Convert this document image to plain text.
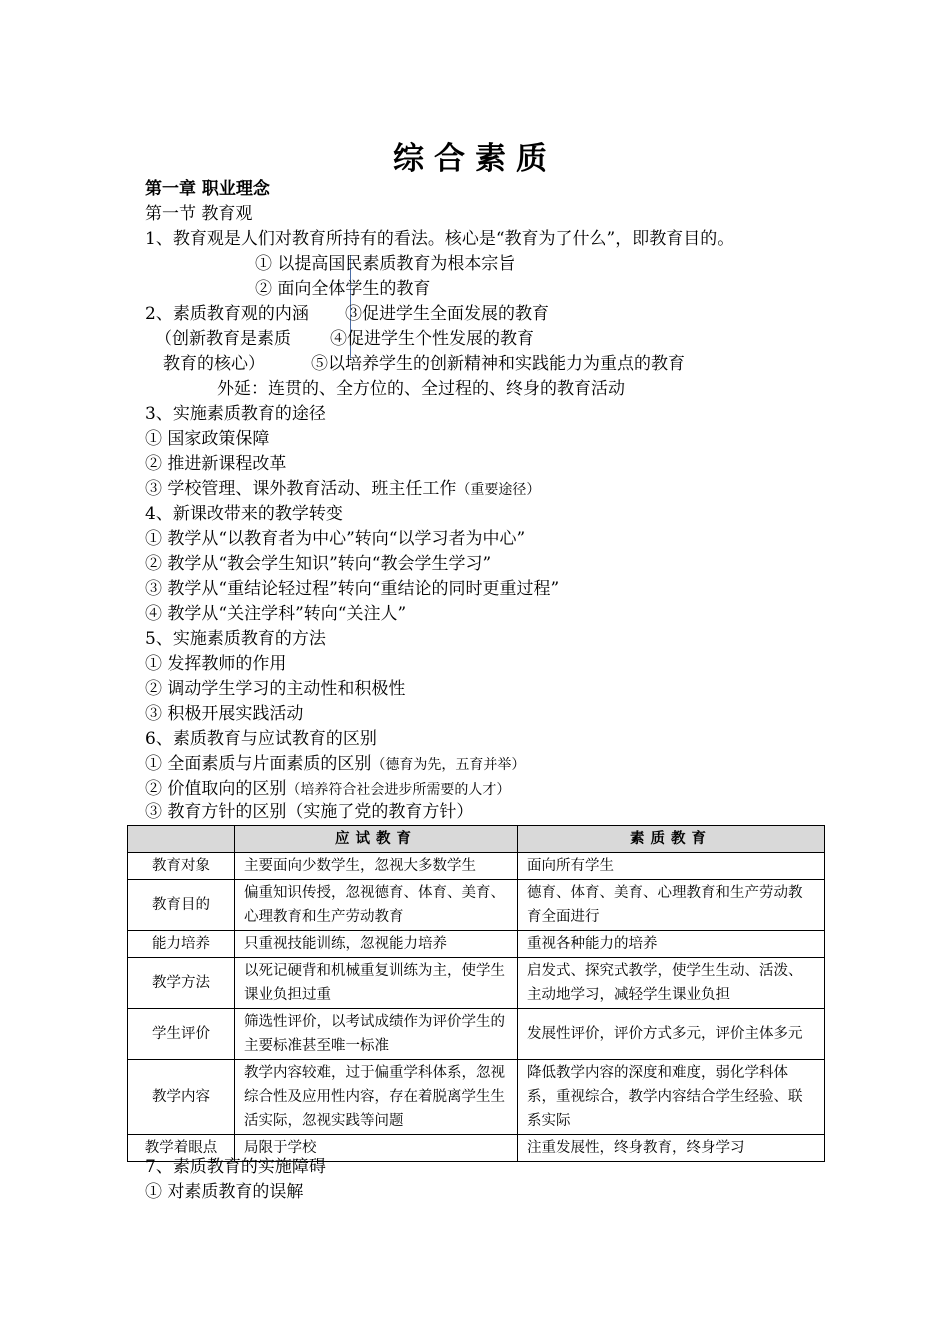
综合素质
第一章 职业理念
第一节 教育观
1、教育观是人们对教育所持有的看法。核心是“教育为了什么”，即教育目的。
① 以提高国民素质教育为根本宗旨
② 面向全体学生的教育
2、素质教育观的内涵 ③促进学生全面发展的教育
（创新教育是素质 ④促进学生个性发展的教育
教育的核心）	⑤以培养学生的创新精神和实践能力为重点的教育
外延：连贯的、全方位的、全过程的、终身的教育活动
3、实施素质教育的途径
① 国家政策保障
② 推进新课程改革
③ 学校管理、课外教育活动、班主任工作（重要途径）
4、新课改带来的教学转变
① 教学从“以教育者为中心”转向“以学习者为中心”
② 教学从“教会学生知识”转向“教会学生学习”
③ 教学从“重结论轻过程”转向“重结论的同时更重过程”
④ 教学从“关注学科”转向“关注人”
5、实施素质教育的方法
① 发挥教师的作用
② 调动学生学习的主动性和积极性
③ 积极开展实践活动
6、素质教育与应试教育的区别
① 全面素质与片面素质的区别（德育为先，五育并举）
② 价值取向的区别（培养符合社会进步所需要的人才）
③ 教育方针的区别（实施了党的教育方针）
	应试教育	素质教育
教育对象	主要面向少数学生，忽视大多数学生	面向所有学生
教育目的	偏重知识传授，忽视德育、体育、美育、心理教育和生产劳动教育	德育、体育、美育、心理教育和生产劳动教育全面进行
能力培养	只重视技能训练，忽视能力培养	重视各种能力的培养
教学方法	以死记硬背和机械重复训练为主，使学生课业负担过重	启发式、探究式教学，使学生生动、活泼、主动地学习，减轻学生课业负担
学生评价	筛选性评价，以考试成绩作为评价学生的主要标准甚至唯一标准	发展性评价，评价方式多元，评价主体多元
教学内容	教学内容较难，过于偏重学科体系，忽视综合性及应用性内容，存在着脱离学生生活实际，忽视实践等问题	降低教学内容的深度和难度，弱化学科体系，重视综合，教学内容结合学生经验、联系实际
教学着眼点	局限于学校	注重发展性，终身教育，终身学习
7、素质教育的实施障碍
① 对素质教育的误解
